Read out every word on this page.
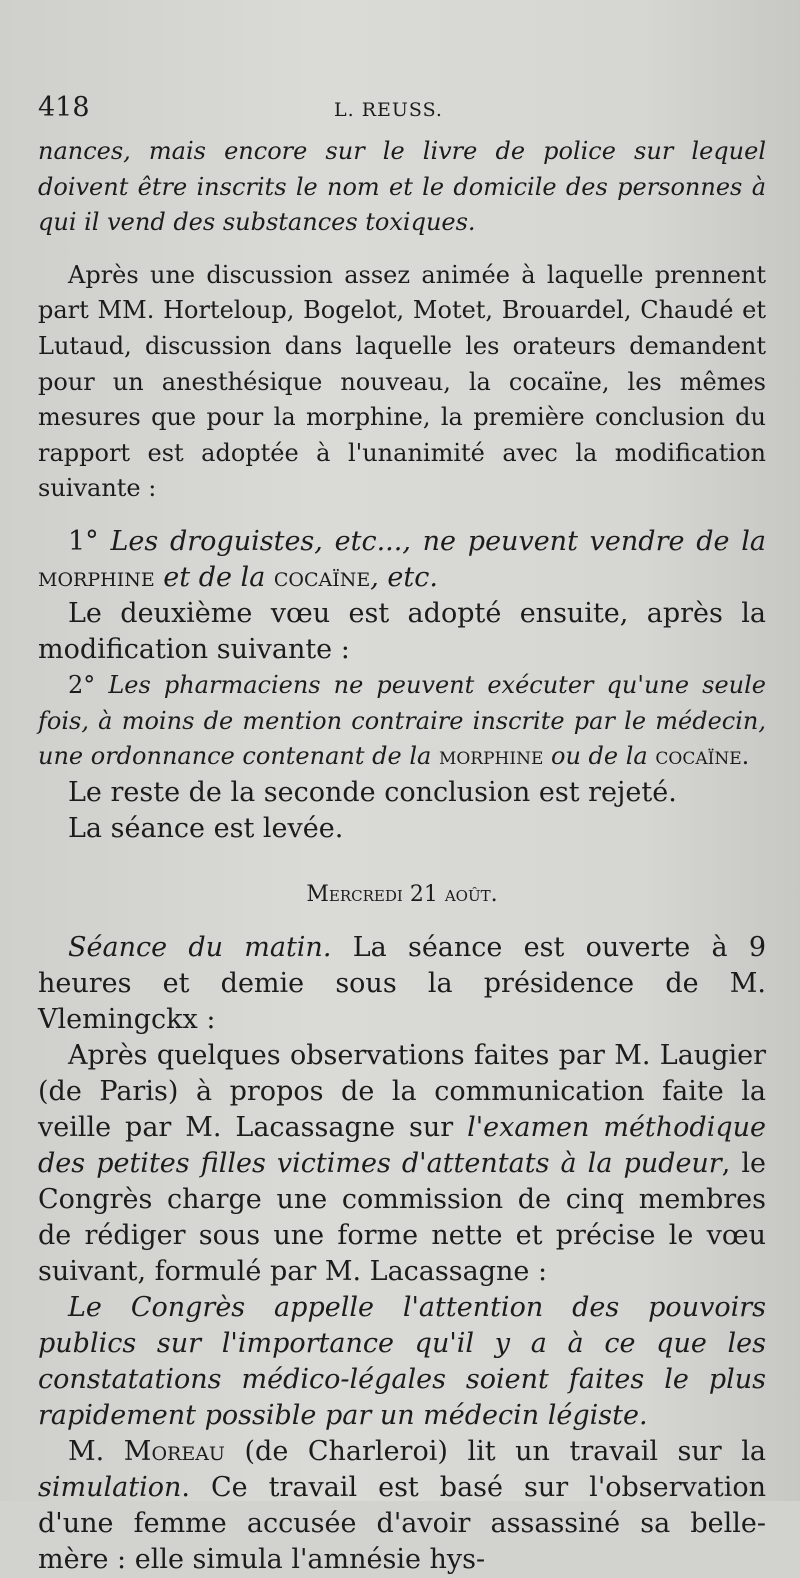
418	L. REUSS.

nances, mais encore sur le livre de police sur lequel doivent être inscrits le nom et le domicile des personnes à qui il vend des substances toxiques.

Après une discussion assez animée à laquelle prennent part MM. Horteloup, Bogelot, Motet, Brouardel, Chaudé et Lutaud, discussion dans laquelle les orateurs demandent pour un anesthésique nouveau, la cocaïne, les mêmes mesures que pour la morphine, la première conclusion du rapport est adoptée à l'unanimité avec la modification suivante :

1° Les droguistes, etc..., ne peuvent vendre de la morphine et de la cocaïne, etc.

Le deuxième vœu est adopté ensuite, après la modification suivante :

2° Les pharmaciens ne peuvent exécuter qu'une seule fois, à moins de mention contraire inscrite par le médecin, une ordonnance contenant de la morphine ou de la cocaïne.

Le reste de la seconde conclusion est rejeté.

La séance est levée.

Mercredi 21 août.

Séance du matin. La séance est ouverte à 9 heures et demie sous la présidence de M. Vlemingckx :

Après quelques observations faites par M. Laugier (de Paris) à propos de la communication faite la veille par M. Lacassagne sur l'examen méthodique des petites filles victimes d'attentats à la pudeur, le Congrès charge une commission de cinq membres de rédiger sous une forme nette et précise le vœu suivant, formulé par M. Lacassagne :

Le Congrès appelle l'attention des pouvoirs publics sur l'importance qu'il y a à ce que les constatations médico-légales soient faites le plus rapidement possible par un médecin légiste.

M. Moreau (de Charleroi) lit un travail sur la simulation. Ce travail est basé sur l'observation d'une femme accusée d'avoir assassiné sa belle-mère : elle simula l'amnésie hys-
